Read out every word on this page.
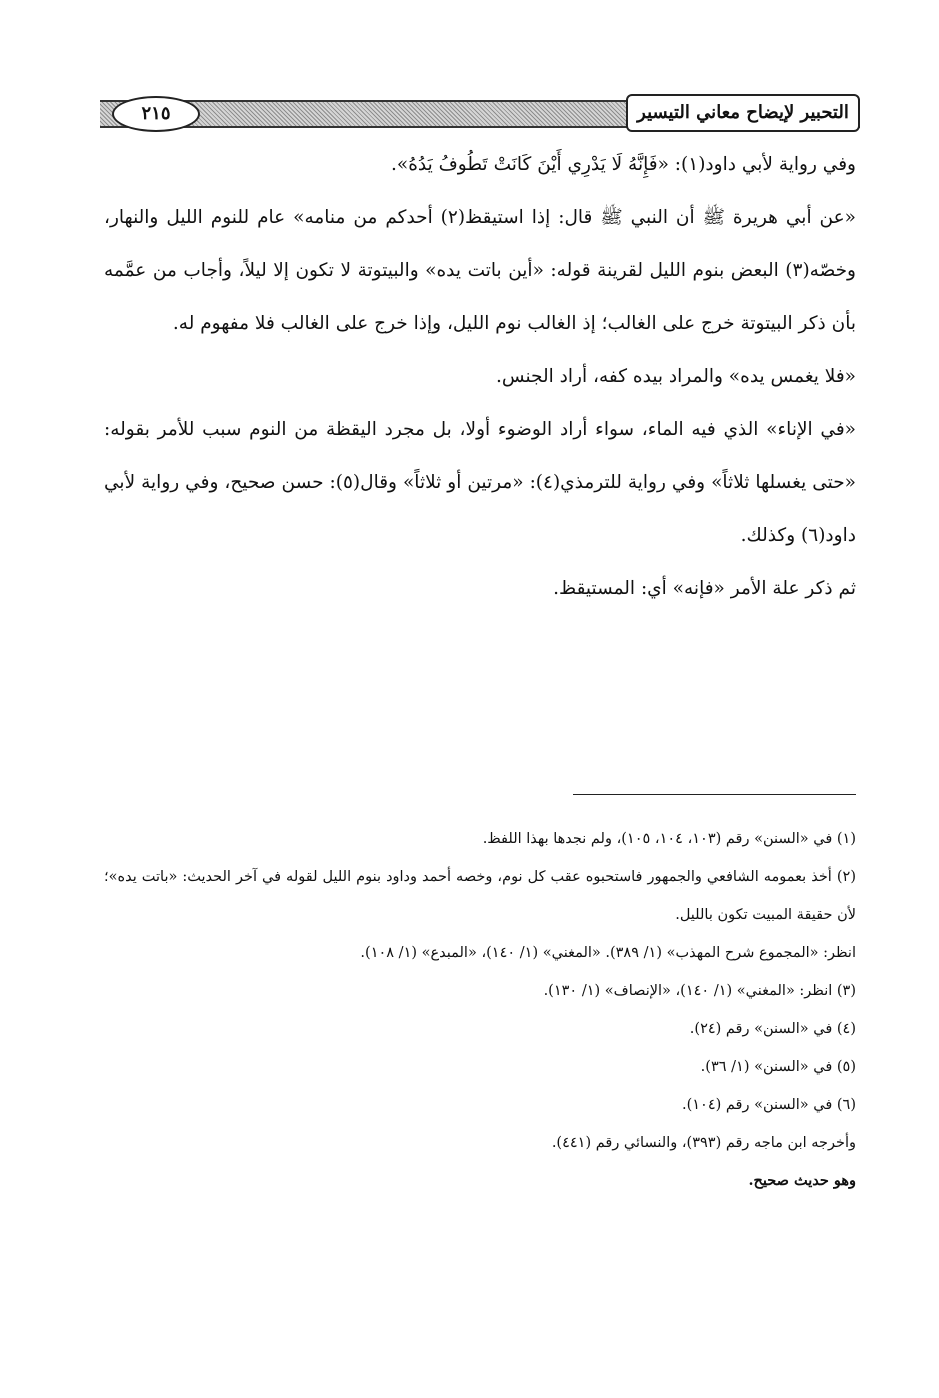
٢١٥	التحبير لإيضاح معاني التيسير

وفي رواية لأبي داود(١): «فَإِنَّهُ لَا يَدْرِي أَيْنَ كَانَتْ تَطُوفُ يَدُهُ».

«عن أبي هريرة ﷺ أن النبي ﷺ قال: إذا استيقظ(٢) أحدكم من منامه» عام للنوم الليل والنهار، وخصّه(٣) البعض بنوم الليل لقرينة قوله: «أين باتت يده» والبيتوتة لا تكون إلا ليلاً، وأجاب من عمَّمه بأن ذكر البيتوتة خرج على الغالب؛ إذ الغالب نوم الليل، وإذا خرج على الغالب فلا مفهوم له.

«فلا يغمس يده» والمراد بيده كفه، أراد الجنس.

«في الإناء» الذي فيه الماء، سواء أراد الوضوء أولا، بل مجرد اليقظة من النوم سبب للأمر بقوله: «حتى يغسلها ثلاثاً» وفي رواية للترمذي(٤): «مرتين أو ثلاثاً» وقال(٥): حسن صحيح، وفي رواية لأبي داود(٦) وكذلك.

ثم ذكر علة الأمر «فإنه» أي: المستيقظ.

(١) في «السنن» رقم (١٠٣، ١٠٤، ١٠٥)، ولم نجدها بهذا اللفظ.

(٢) أخذ بعمومه الشافعي والجمهور فاستحبوه عقب كل نوم، وخصه أحمد وداود بنوم الليل لقوله في آخر الحديث: «باتت يده»؛ لأن حقيقة المبيت تكون بالليل.

انظر: «المجموع شرح المهذب» (١/ ٣٨٩). «المغني» (١/ ١٤٠)، «المبدع» (١/ ١٠٨).

(٣) انظر: «المغني» (١/ ١٤٠)، «الإنصاف» (١/ ١٣٠).

(٤) في «السنن» رقم (٢٤).

(٥) في «السنن» (١/ ٣٦).

(٦) في «السنن» رقم (١٠٤).

وأخرجه ابن ماجه رقم (٣٩٣)، والنسائي رقم (٤٤١).

وهو حديث صحيح.
